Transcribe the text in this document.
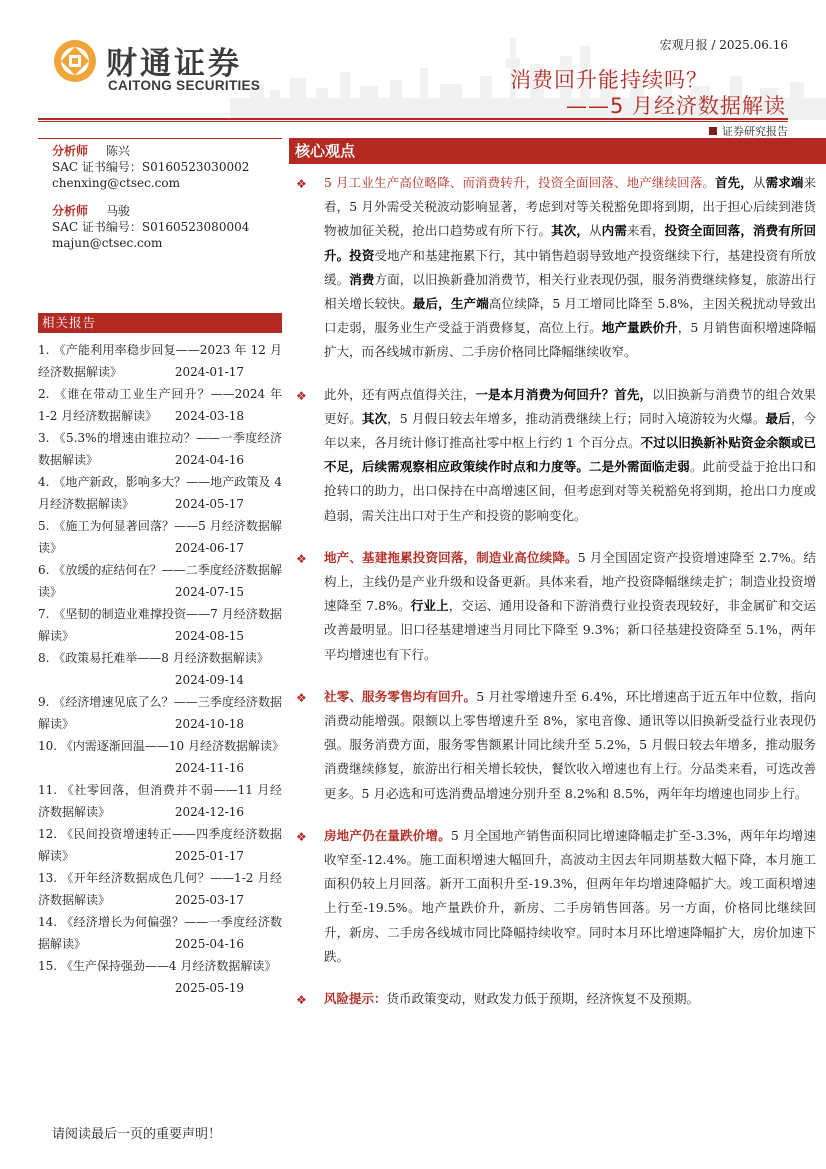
财通证券
CAITONG SECURITIES
宏观月报 / 2025.06.16
消费回升能持续吗？
——5 月经济数据解读
证券研究报告
分析师 陈兴
SAC 证书编号：S0160523030002
chenxing@ctsec.com
分析师 马骏
SAC 证书编号：S0160523080004
majun@ctsec.com
相关报告
1. 《产能利用率稳步回复——2023 年 12 月经济数据解读》	2024-01-17
2. 《谁在带动工业生产回升？——2024 年 1-2 月经济数据解读》 2024-03-18
3. 《5.3%的增速由谁拉动？——一季度经济数据解读》	2024-04-16
4. 《地产新政，影响多大？——地产政策及 4 月经济数据解读》	2024-05-17
5. 《施工为何显著回落？——5 月经济数据解读》	2024-06-17
6. 《放缓的症结何在？——二季度经济数据解读》	2024-07-15
7. 《坚韧的制造业难撑投资——7 月经济数据解读》	2024-08-15
8. 《政策易托难举——8 月经济数据解读》
2024-09-14
9. 《经济增速见底了么？——三季度经济数据解读》	2024-10-18
10. 《内需逐渐回温——10 月经济数据解读》
2024-11-16
11. 《社零回落，但消费并不弱——11 月经济数据解读》	2024-12-16
12. 《民间投资增速转正——四季度经济数据解读》	2025-01-17
13. 《开年经济数据成色几何？——1-2 月经济数据解读》	2025-03-17
14. 《经济增长为何偏强？——一季度经济数据解读》	2025-04-16
15. 《生产保持强劲——4 月经济数据解读》
2025-05-19
核心观点
❖ 5 月工业生产高位略降、而消费转升，投资全面回落、地产继续回落。首先，从需求端来看，5 月外需受关税波动影响显著，考虑到对等关税豁免即将到期，出于担心后续到港货物被加征关税，抢出口趋势或有所下行。其次，从内需来看，投资全面回落，消费有所回升。投资受地产和基建拖累下行，其中销售趋弱导致地产投资继续下行，基建投资有所放缓。消费方面，以旧换新叠加消费节，相关行业表现仍强，服务消费继续修复，旅游出行相关增长较快。最后，生产端高位续降，5 月工增同比降至 5.8%，主因关税扰动导致出口走弱，服务业生产受益于消费修复，高位上行。地产量跌价升，5 月销售面积增速降幅扩大，而各线城市新房、二手房价格同比降幅继续收窄。
❖ 此外，还有两点值得关注，一是本月消费为何回升？首先，以旧换新与消费节的组合效果更好。其次，5 月假日较去年增多，推动消费继续上行；同时入境游较为火爆。最后，今年以来，各月统计修订推高社零中枢上行约 1 个百分点。不过以旧换新补贴资金余额或已不足，后续需观察相应政策续作时点和力度等。二是外需面临走弱。此前受益于抢出口和抢转口的助力，出口保持在中高增速区间，但考虑到对等关税豁免将到期，抢出口力度或趋弱，需关注出口对于生产和投资的影响变化。
❖ 地产、基建拖累投资回落，制造业高位续降。5 月全国固定资产投资增速降至 2.7%。结构上，主线仍是产业升级和设备更新。具体来看，地产投资降幅继续走扩；制造业投资增速降至 7.8%。行业上，交运、通用设备和下游消费行业投资表现较好，非金属矿和交运改善最明显。旧口径基建增速当月同比下降至 9.3%；新口径基建投资降至 5.1%，两年平均增速也有下行。
❖ 社零、服务零售均有回升。5 月社零增速升至 6.4%，环比增速高于近五年中位数，指向消费动能增强。限额以上零售增速升至 8%，家电音像、通讯等以旧换新受益行业表现仍强。服务消费方面，服务零售额累计同比续升至 5.2%，5 月假日较去年增多，推动服务消费继续修复，旅游出行相关增长较快，餐饮收入增速也有上行。分品类来看，可选改善更多。5 月必选和可选消费品增速分别升至 8.2%和 8.5%，两年年均增速也同步上行。
❖ 房地产仍在量跌价增。5 月全国地产销售面积同比增速降幅走扩至-3.3%，两年年均增速收窄至-12.4%。施工面积增速大幅回升，高波动主因去年同期基数大幅下降，本月施工面积仍较上月回落。新开工面积升至-19.3%，但两年年均增速降幅扩大。竣工面积增速上行至-19.5%。地产量跌价升，新房、二手房销售回落。另一方面，价格同比继续回升，新房、二手房各线城市同比降幅持续收窄。同时本月环比增速降幅扩大，房价加速下跌。
❖ 风险提示：货币政策变动，财政发力低于预期，经济恢复不及预期。
请阅读最后一页的重要声明！
